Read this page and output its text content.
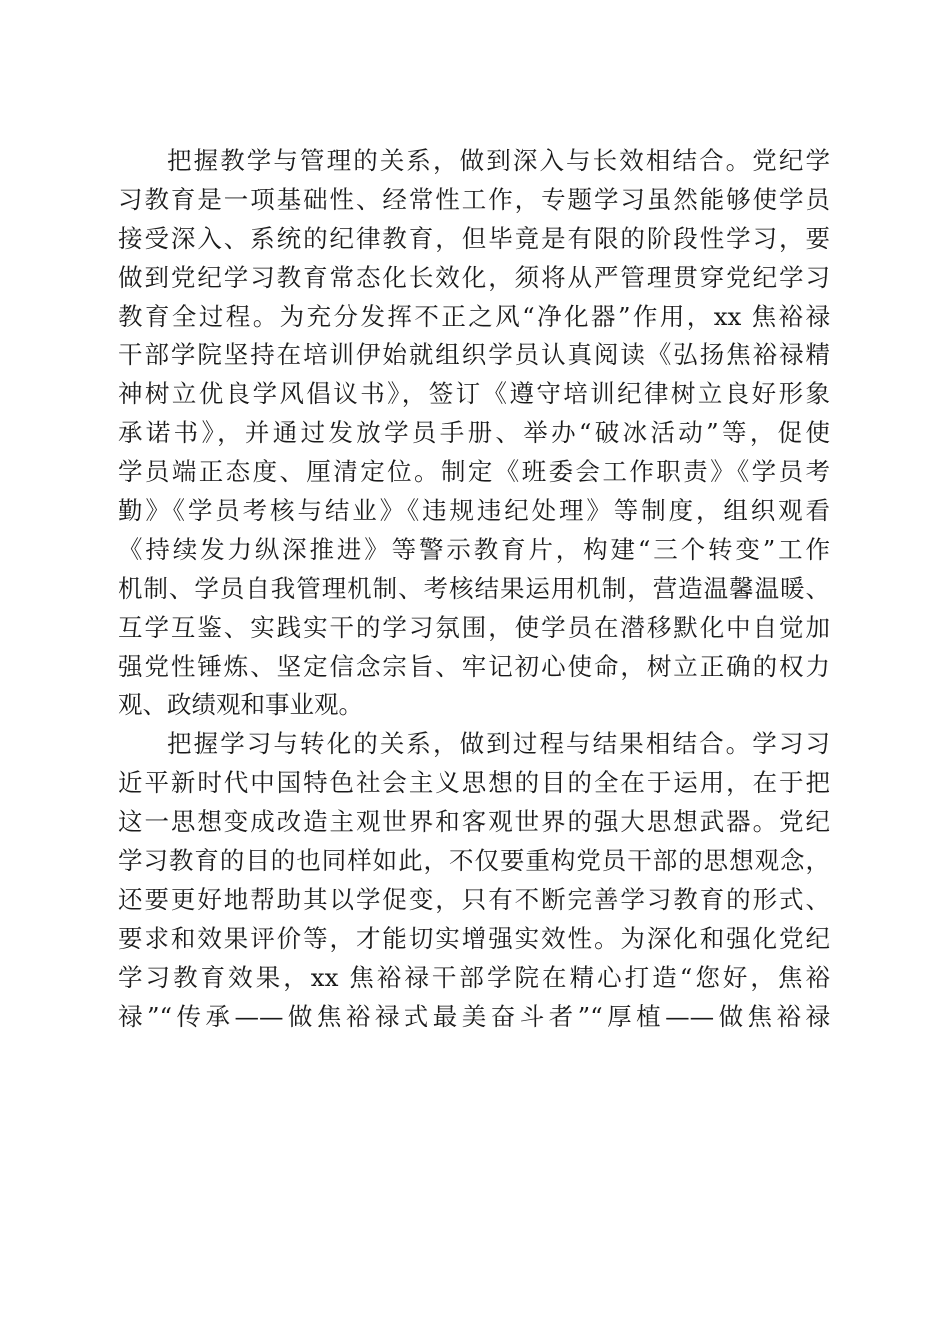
把握教学与管理的关系，做到深入与长效相结合。党纪学
习教育是一项基础性、经常性工作，专题学习虽然能够使学员
接受深入、系统的纪律教育，但毕竟是有限的阶段性学习，要
做到党纪学习教育常态化长效化，须将从严管理贯穿党纪学习
教育全过程。为充分发挥不正之风“净化器”作用，xx 焦裕禄
干部学院坚持在培训伊始就组织学员认真阅读《弘扬焦裕禄精
神树立优良学风倡议书》，签订《遵守培训纪律树立良好形象
承诺书》，并通过发放学员手册、举办“破冰活动”等，促使
学员端正态度、厘清定位。制定《班委会工作职责》《学员考
勤》《学员考核与结业》《违规违纪处理》等制度，组织观看
《持续发力纵深推进》等警示教育片，构建“三个转变”工作
机制、学员自我管理机制、考核结果运用机制，营造温馨温暖、
互学互鉴、实践实干的学习氛围，使学员在潜移默化中自觉加
强党性锤炼、坚定信念宗旨、牢记初心使命，树立正确的权力
观、政绩观和事业观。
把握学习与转化的关系，做到过程与结果相结合。学习习
近平新时代中国特色社会主义思想的目的全在于运用，在于把
这一思想变成改造主观世界和客观世界的强大思想武器。党纪
学习教育的目的也同样如此，不仅要重构党员干部的思想观念，
还要更好地帮助其以学促变，只有不断完善学习教育的形式、
要求和效果评价等，才能切实增强实效性。为深化和强化党纪
学习教育效果，xx 焦裕禄干部学院在精心打造“您好，焦裕
禄”“传承——做焦裕禄式最美奋斗者”“厚植——做焦裕禄
